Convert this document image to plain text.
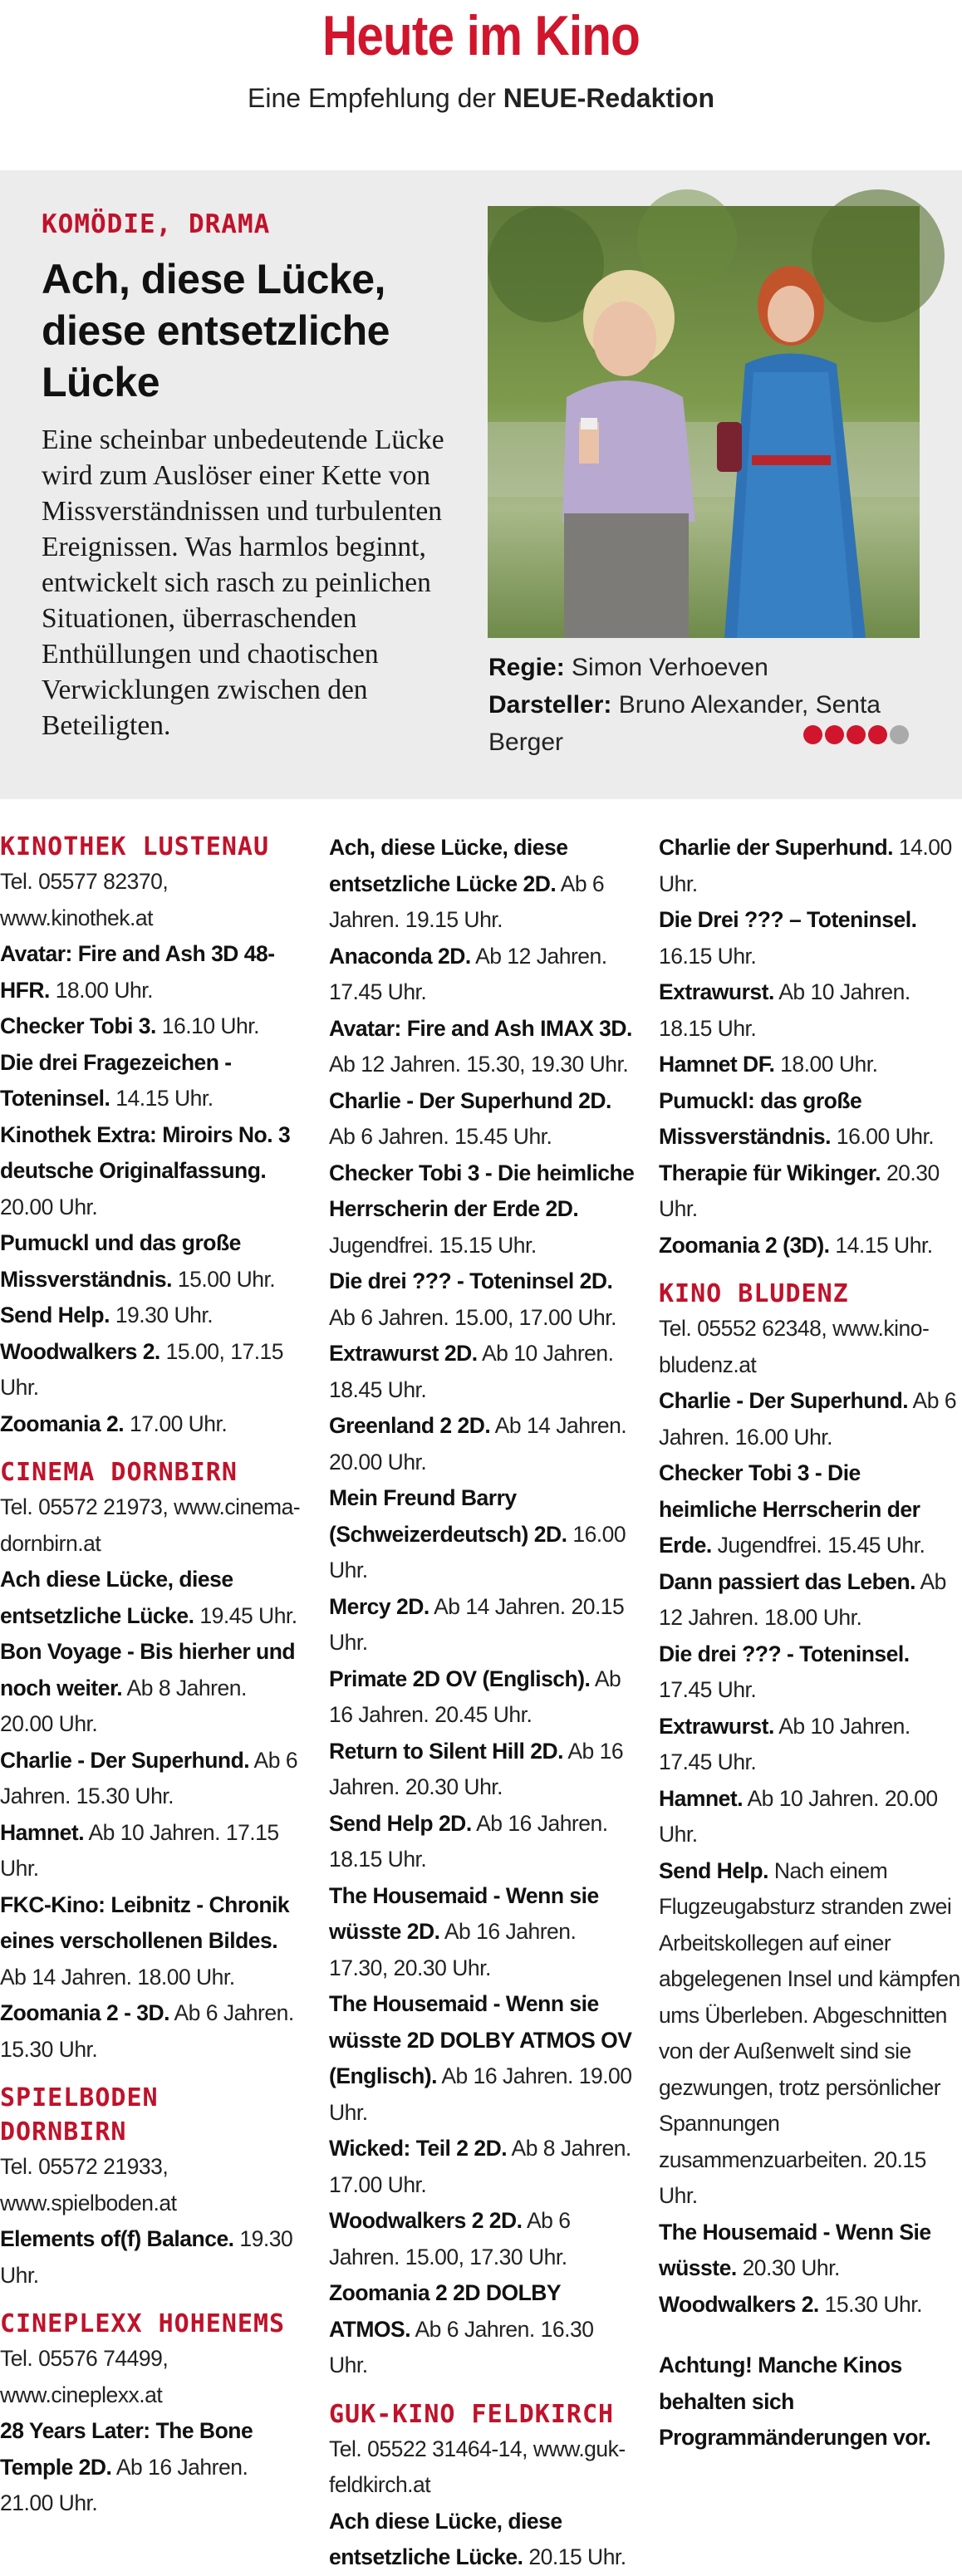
Heute im Kino
Eine Empfehlung der NEUE-Redaktion
KOMÖDIE, DRAMA
Ach, diese Lücke, diese entsetzliche Lücke

Eine scheinbar unbedeutende Lücke wird zum Auslöser einer Kette von Missverständnissen und turbulenten Ereignissen. Was harmlos beginnt, entwickelt sich rasch zu peinlichen Situationen, überraschenden Enthüllungen und chaotischen Verwicklungen zwischen den Beteiligten.

Regie: Simon Verhoeven
Darsteller: Bruno Alexander, Senta Berger
KINOTHEK LUSTENAU

Tel. 05577 82370, www.kinothek.at

Avatar: Fire and Ash 3D 48-HFR. 18.00 Uhr.

Checker Tobi 3. 16.10 Uhr.

Die drei Fragezeichen - Toteninsel. 14.15 Uhr.

Kinothek Extra: Miroirs No. 3 deutsche Originalfassung. 20.00 Uhr.

Pumuckl und das große Missverständnis. 15.00 Uhr.

Send Help. 19.30 Uhr.

Woodwalkers 2. 15.00, 17.15 Uhr.

Zoomania 2. 17.00 Uhr.

CINEMA DORNBIRN

Tel. 05572 21973, www.cinema-dornbirn.at

Ach diese Lücke, diese entsetzliche Lücke. 19.45 Uhr.

Bon Voyage - Bis hierher und noch weiter. Ab 8 Jahren. 20.00 Uhr.

Charlie - Der Superhund. Ab 6 Jahren. 15.30 Uhr.

Hamnet. Ab 10 Jahren. 17.15 Uhr.

FKC-Kino: Leibnitz - Chronik eines verschollenen Bildes. Ab 14 Jahren. 18.00 Uhr.

Zoomania 2 - 3D. Ab 6 Jahren. 15.30 Uhr.

SPIELBODEN DORNBIRN

Tel. 05572 21933, www.spielboden.at

Elements of(f) Balance. 19.30 Uhr.

CINEPLEXX HOHENEMS

Tel. 05576 74499, www.cineplexx.at

28 Years Later: The Bone Temple 2D. Ab 16 Jahren. 21.00 Uhr.

Ach, diese Lücke, diese entsetzliche Lücke 2D. Ab 6 Jahren. 19.15 Uhr.

Anaconda 2D. Ab 12 Jahren. 17.45 Uhr.

Avatar: Fire and Ash IMAX 3D. Ab 12 Jahren. 15.30, 19.30 Uhr.

Charlie - Der Superhund 2D. Ab 6 Jahren. 15.45 Uhr.

Checker Tobi 3 - Die heimliche Herrscherin der Erde 2D. Jugendfrei. 15.15 Uhr.

Die drei ??? - Toteninsel 2D. Ab 6 Jahren. 15.00, 17.00 Uhr.

Extrawurst 2D. Ab 10 Jahren. 18.45 Uhr.

Greenland 2 2D. Ab 14 Jahren. 20.00 Uhr.

Mein Freund Barry (Schweizerdeutsch) 2D. 16.00 Uhr.

Mercy 2D. Ab 14 Jahren. 20.15 Uhr.

Primate 2D OV (Englisch). Ab 16 Jahren. 20.45 Uhr.

Return to Silent Hill 2D. Ab 16 Jahren. 20.30 Uhr.

Send Help 2D. Ab 16 Jahren. 18.15 Uhr.

The Housemaid - Wenn sie wüsste 2D. Ab 16 Jahren. 17.30, 20.30 Uhr.

The Housemaid - Wenn sie wüsste 2D DOLBY ATMOS OV (Englisch). Ab 16 Jahren. 19.00 Uhr.

Wicked: Teil 2 2D. Ab 8 Jahren. 17.00 Uhr.

Woodwalkers 2 2D. Ab 6 Jahren. 15.00, 17.30 Uhr.

Zoomania 2 2D DOLBY ATMOS. Ab 6 Jahren. 16.30 Uhr.

GUK-KINO FELDKIRCH

Tel. 05522 31464-14, www.guk-feldkirch.at

Ach diese Lücke, diese entsetzliche Lücke. 20.15 Uhr.

Charlie der Superhund. 14.00 Uhr.

Die Drei ??? – Toteninsel. 16.15 Uhr.

Extrawurst. Ab 10 Jahren. 18.15 Uhr.

Hamnet DF. 18.00 Uhr.

Pumuckl: das große Missverständnis. 16.00 Uhr.

Therapie für Wikinger. 20.30 Uhr.

Zoomania 2 (3D). 14.15 Uhr.

KINO BLUDENZ

Tel. 05552 62348, www.kino-bludenz.at

Charlie - Der Superhund. Ab 6 Jahren. 16.00 Uhr.

Checker Tobi 3 - Die heimliche Herrscherin der Erde. Jugendfrei. 15.45 Uhr.

Dann passiert das Leben. Ab 12 Jahren. 18.00 Uhr.

Die drei ??? - Toteninsel. 17.45 Uhr.

Extrawurst. Ab 10 Jahren. 17.45 Uhr.

Hamnet. Ab 10 Jahren. 20.00 Uhr.

Send Help. Nach einem Flugzeugabsturz stranden zwei Arbeitskollegen auf einer abgelegenen Insel und kämpfen ums Überleben. Abgeschnitten von der Außenwelt sind sie gezwungen, trotz persönlicher Spannungen zusammenzuarbeiten. 20.15 Uhr.

The Housemaid - Wenn Sie wüsste. 20.30 Uhr.

Woodwalkers 2. 15.30 Uhr.

Achtung! Manche Kinos behalten sich Programmänderungen vor.
